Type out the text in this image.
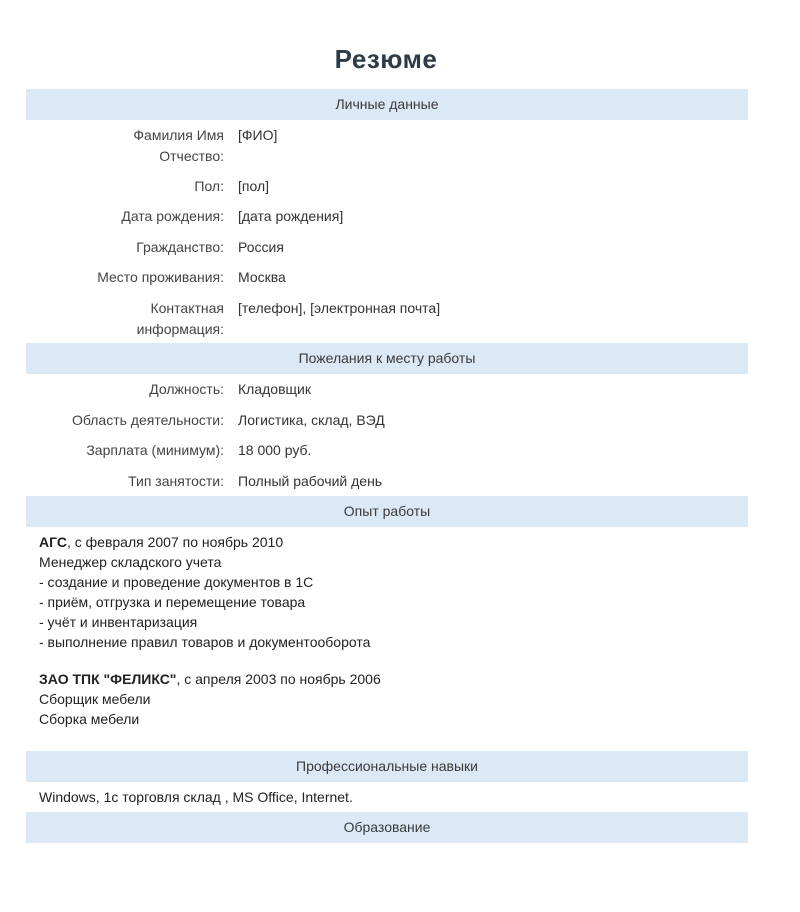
Резюме
Личные данные
Фамилия Имя
Отчество:
[ФИО]
Пол: [пол]
Дата рождения: [дата рождения]
Гражданство: Россия
Место проживания: Москва
Контактная
информация:
[телефон], [электронная почта]
Пожелания к месту работы
Должность: Кладовщик
Область деятельности: Логистика, склад, ВЭД
Зарплата (минимум): 18 000 руб.
Тип занятости: Полный рабочий день
Опыт работы
АГС, с февраля 2007 по ноябрь 2010
Менеджер складского учета
- создание и проведение документов в 1С
- приём, отгрузка и перемещение товара
- учёт и инвентаризация
- выполнение правил товаров и документооборота
ЗАО ТПК "ФЕЛИКС", с апреля 2003 по ноябрь 2006
Сборщик мебели
Сборка мебели
Профессиональные навыки
Windows, 1c торговля склад , MS Office, Internet.
Образование
